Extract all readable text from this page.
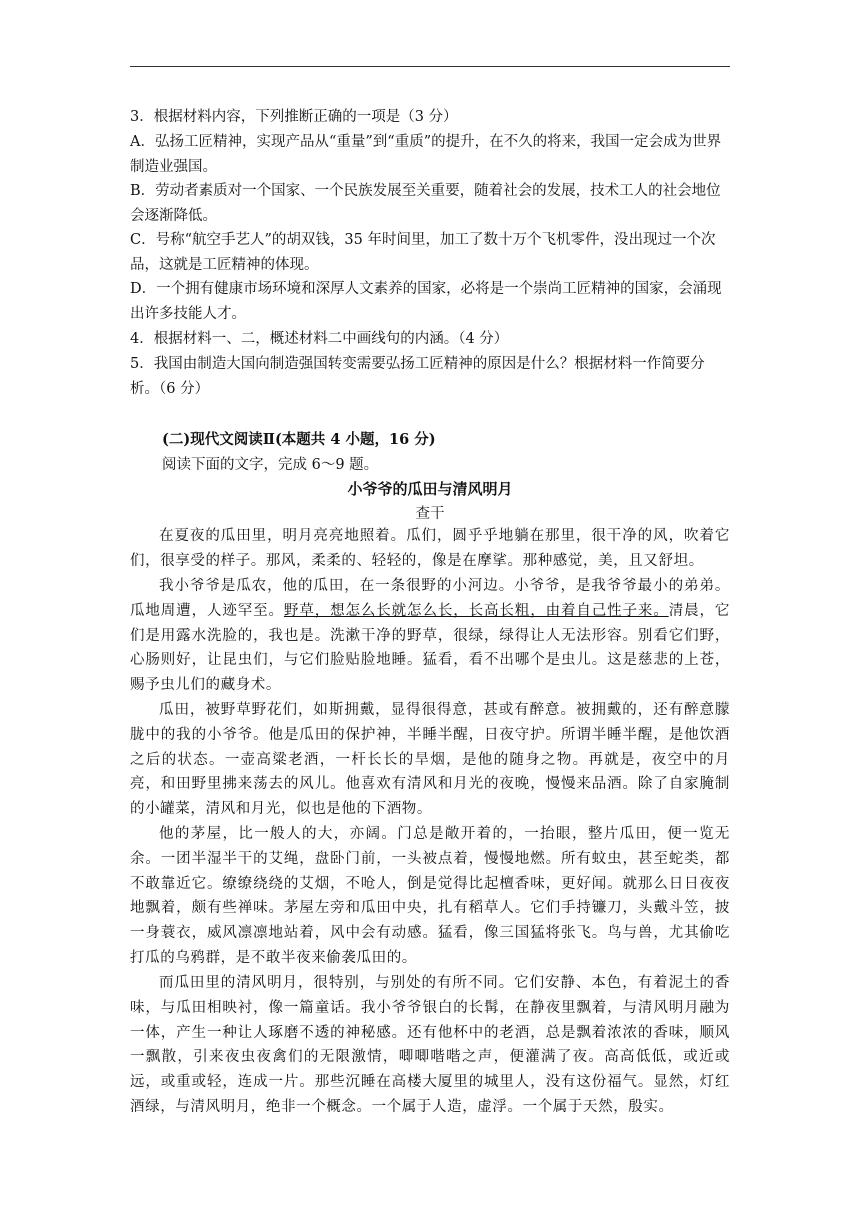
3．根据材料内容，下列推断正确的一项是（3 分）

A．弘扬工匠精神，实现产品从“重量”到“重质”的提升，在不久的将来，我国一定会成为世界制造业强国。

B．劳动者素质对一个国家、一个民族发展至关重要，随着社会的发展，技术工人的社会地位会逐渐降低。

C．号称“航空手艺人”的胡双钱，35 年时间里，加工了数十万个飞机零件，没出现过一个次品，这就是工匠精神的体现。

D．一个拥有健康市场环境和深厚人文素养的国家，必将是一个崇尚工匠精神的国家，会涌现出许多技能人才。

4．根据材料一、二，概述材料二中画线句的内涵。（4 分）

5．我国由制造大国向制造强国转变需要弘扬工匠精神的原因是什么？根据材料一作简要分析。（6 分）

(二)现代文阅读Ⅱ(本题共 4 小题，16 分)

阅读下面的文字，完成 6～9 题。

小爷爷的瓜田与清风明月

查干

在夏夜的瓜田里，明月亮亮地照着。瓜们，圆乎乎地躺在那里，很干净的风，吹着它们，很享受的样子。那风，柔柔的、轻轻的，像是在摩挲。那种感觉，美，且又舒坦。

我小爷爷是瓜农，他的瓜田，在一条很野的小河边。小爷爷，是我爷爷最小的弟弟。瓜地周遭，人迹罕至。野草，想怎么长就怎么长，长高长粗，由着自己性子来。清晨，它们是用露水洗脸的，我也是。洗漱干净的野草，很绿，绿得让人无法形容。别看它们野，心肠则好，让昆虫们，与它们脸贴脸地睡。猛看，看不出哪个是虫儿。这是慈悲的上苍，赐予虫儿们的藏身术。

瓜田，被野草野花们，如斯拥戴，显得很得意，甚或有醉意。被拥戴的，还有醉意朦胧中的我的小爷爷。他是瓜田的保护神，半睡半醒，日夜守护。所谓半睡半醒，是他饮酒之后的状态。一壶高粱老酒，一杆长长的旱烟，是他的随身之物。再就是，夜空中的月亮，和田野里拂来荡去的风儿。他喜欢有清风和月光的夜晚，慢慢来品酒。除了自家腌制的小罐菜，清风和月光，似也是他的下酒物。

他的茅屋，比一般人的大，亦阔。门总是敞开着的，一抬眼，整片瓜田，便一览无余。一团半湿半干的艾绳，盘卧门前，一头被点着，慢慢地燃。所有蚊虫，甚至蛇类，都不敢靠近它。缭缭绕绕的艾烟，不呛人，倒是觉得比起檀香味，更好闻。就那么日日夜夜地飘着，颇有些禅味。茅屋左旁和瓜田中央，扎有稻草人。它们手持镰刀，头戴斗笠，披一身蓑衣，威风凛凛地站着，风中会有动感。猛看，像三国猛将张飞。鸟与兽，尤其偷吃打瓜的乌鸦群，是不敢半夜来偷袭瓜田的。

而瓜田里的清风明月，很特别，与别处的有所不同。它们安静、本色，有着泥土的香味，与瓜田相映衬，像一篇童话。我小爷爷银白的长髯，在静夜里飘着，与清风明月融为一体，产生一种让人琢磨不透的神秘感。还有他杯中的老酒，总是飘着浓浓的香味，顺风一飘散，引来夜虫夜禽们的无限激情，唧唧喈喈之声，便灌满了夜。高高低低，或近或远，或重或轻，连成一片。那些沉睡在高楼大厦里的城里人，没有这份福气。显然，灯红酒绿，与清风明月，绝非一个概念。一个属于人造，虚浮。一个属于天然，殷实。
